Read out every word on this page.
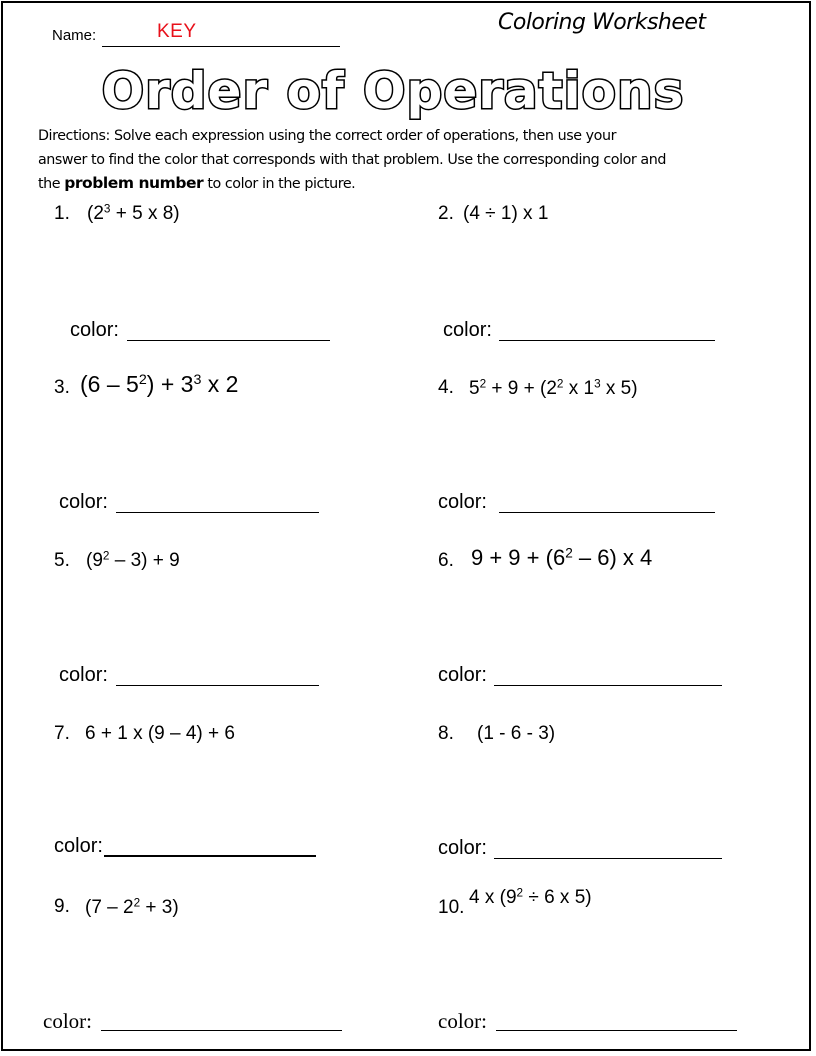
Name:	KEY	Coloring Worksheet
Order of Operations
Directions: Solve each expression using the correct order of operations, then use your
answer to find the color that corresponds with that problem. Use the corresponding color and
the problem number to color in the picture.
1. ($2^3 + 5$ x 8)
color:
2. (4 ÷ 1) x 1
color:
3. $(6 - 5^2) + 3^3$ x 2
color:
4. $5^2 + 9 + (2^2$ x $1^3$ x 5)
color:
5. $(9^2 - 3) + 9$
color:
6. $9 + 9 + (6^2 - 6)$ x 4
color:
7. 6 + 1 x (9 – 4) + 6
color:
8. (1 - 6 - 3)
color:
9. $(7 - 2^2 + 3)$
color:
10. 4 x ($9^2 \div 6$ x 5)
color:
